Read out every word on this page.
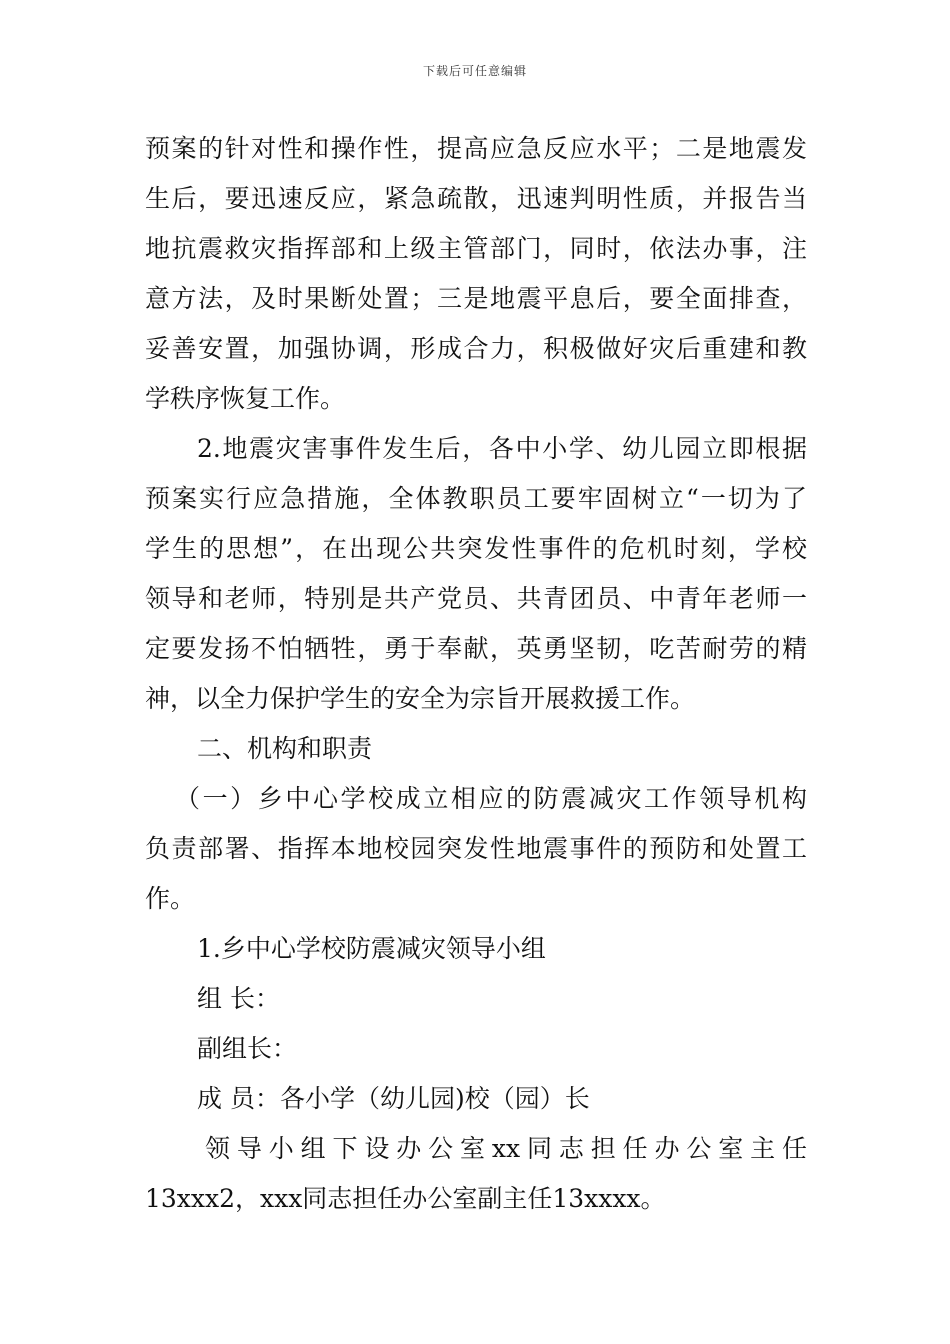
下载后可任意编辑
预案的针对性和操作性，提高应急反应水平；二是地震发
生后，要迅速反应，紧急疏散，迅速判明性质，并报告当
地抗震救灾指挥部和上级主管部门，同时，依法办事，注
意方法，及时果断处置；三是地震平息后，要全面排查，
妥善安置，加强协调，形成合力，积极做好灾后重建和教
学秩序恢复工作。
2.地震灾害事件发生后，各中小学、幼儿园立即根据
预案实行应急措施，全体教职员工要牢固树立“一切为了
学生的思想”，在出现公共突发性事件的危机时刻，学校
领导和老师，特别是共产党员、共青团员、中青年老师一
定要发扬不怕牺牲，勇于奉献，英勇坚韧，吃苦耐劳的精
神，以全力保护学生的安全为宗旨开展救援工作。
二、机构和职责
（一）乡中心学校成立相应的防震减灾工作领导机构
负责部署、指挥本地校园突发性地震事件的预防和处置工
作。
1.乡中心学校防震减灾领导小组
组 长：
副组长：
成 员：各小学（幼儿园)校（园）长
领导小组下设办公室xx同志担任办公室主任
13xxx2，xxx同志担任办公室副主任13xxxx。
